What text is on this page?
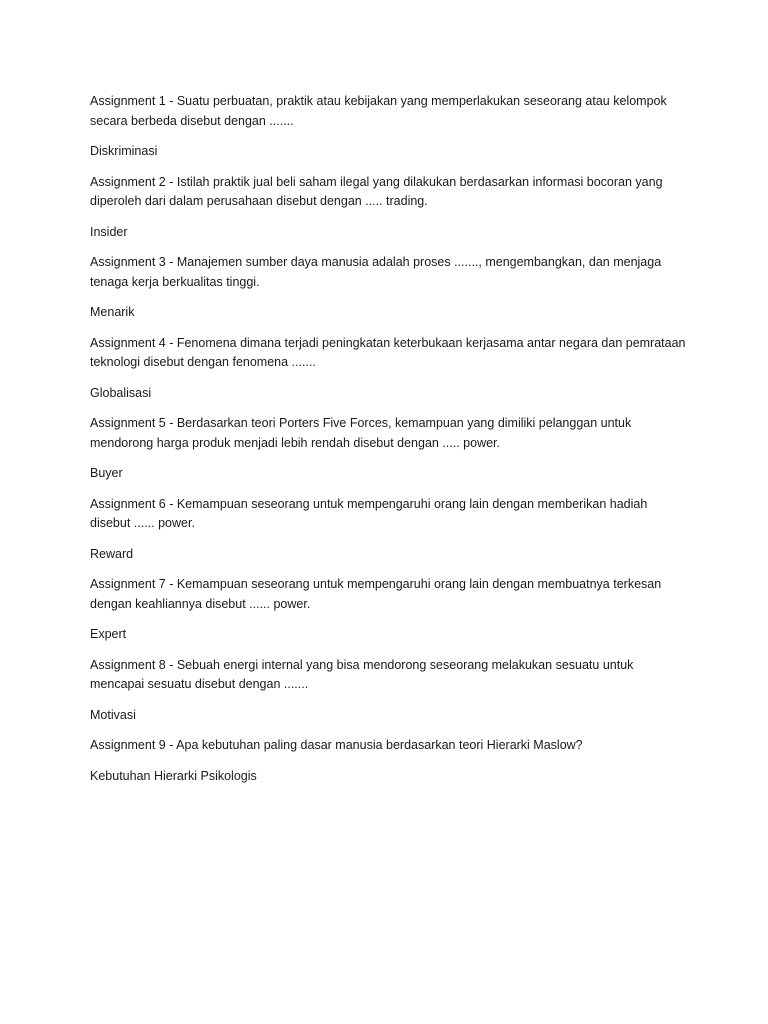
Assignment 1 - Suatu perbuatan, praktik atau kebijakan yang memperlakukan seseorang atau kelompok secara berbeda disebut dengan .......

Diskriminasi

Assignment 2 - Istilah praktik jual beli saham ilegal yang dilakukan berdasarkan informasi bocoran yang diperoleh dari dalam perusahaan disebut dengan ..... trading.

Insider

Assignment 3 - Manajemen sumber daya manusia adalah proses ......., mengembangkan, dan menjaga tenaga kerja berkualitas tinggi.

Menarik

Assignment 4 - Fenomena dimana terjadi peningkatan keterbukaan kerjasama antar negara dan pemrataan teknologi disebut dengan fenomena .......

Globalisasi

Assignment 5 - Berdasarkan teori Porters Five Forces, kemampuan yang dimiliki pelanggan untuk mendorong harga produk menjadi lebih rendah disebut dengan ..... power.

Buyer

Assignment 6 - Kemampuan seseorang untuk mempengaruhi orang lain dengan memberikan hadiah disebut ...... power.

Reward

Assignment 7 - Kemampuan seseorang untuk mempengaruhi orang lain dengan membuatnya terkesan dengan keahliannya disebut ...... power.

Expert

Assignment 8 - Sebuah energi internal yang bisa mendorong seseorang melakukan sesuatu untuk mencapai sesuatu disebut dengan .......

Motivasi

Assignment 9 - Apa kebutuhan paling dasar manusia berdasarkan teori Hierarki Maslow?

Kebutuhan Hierarki Psikologis
